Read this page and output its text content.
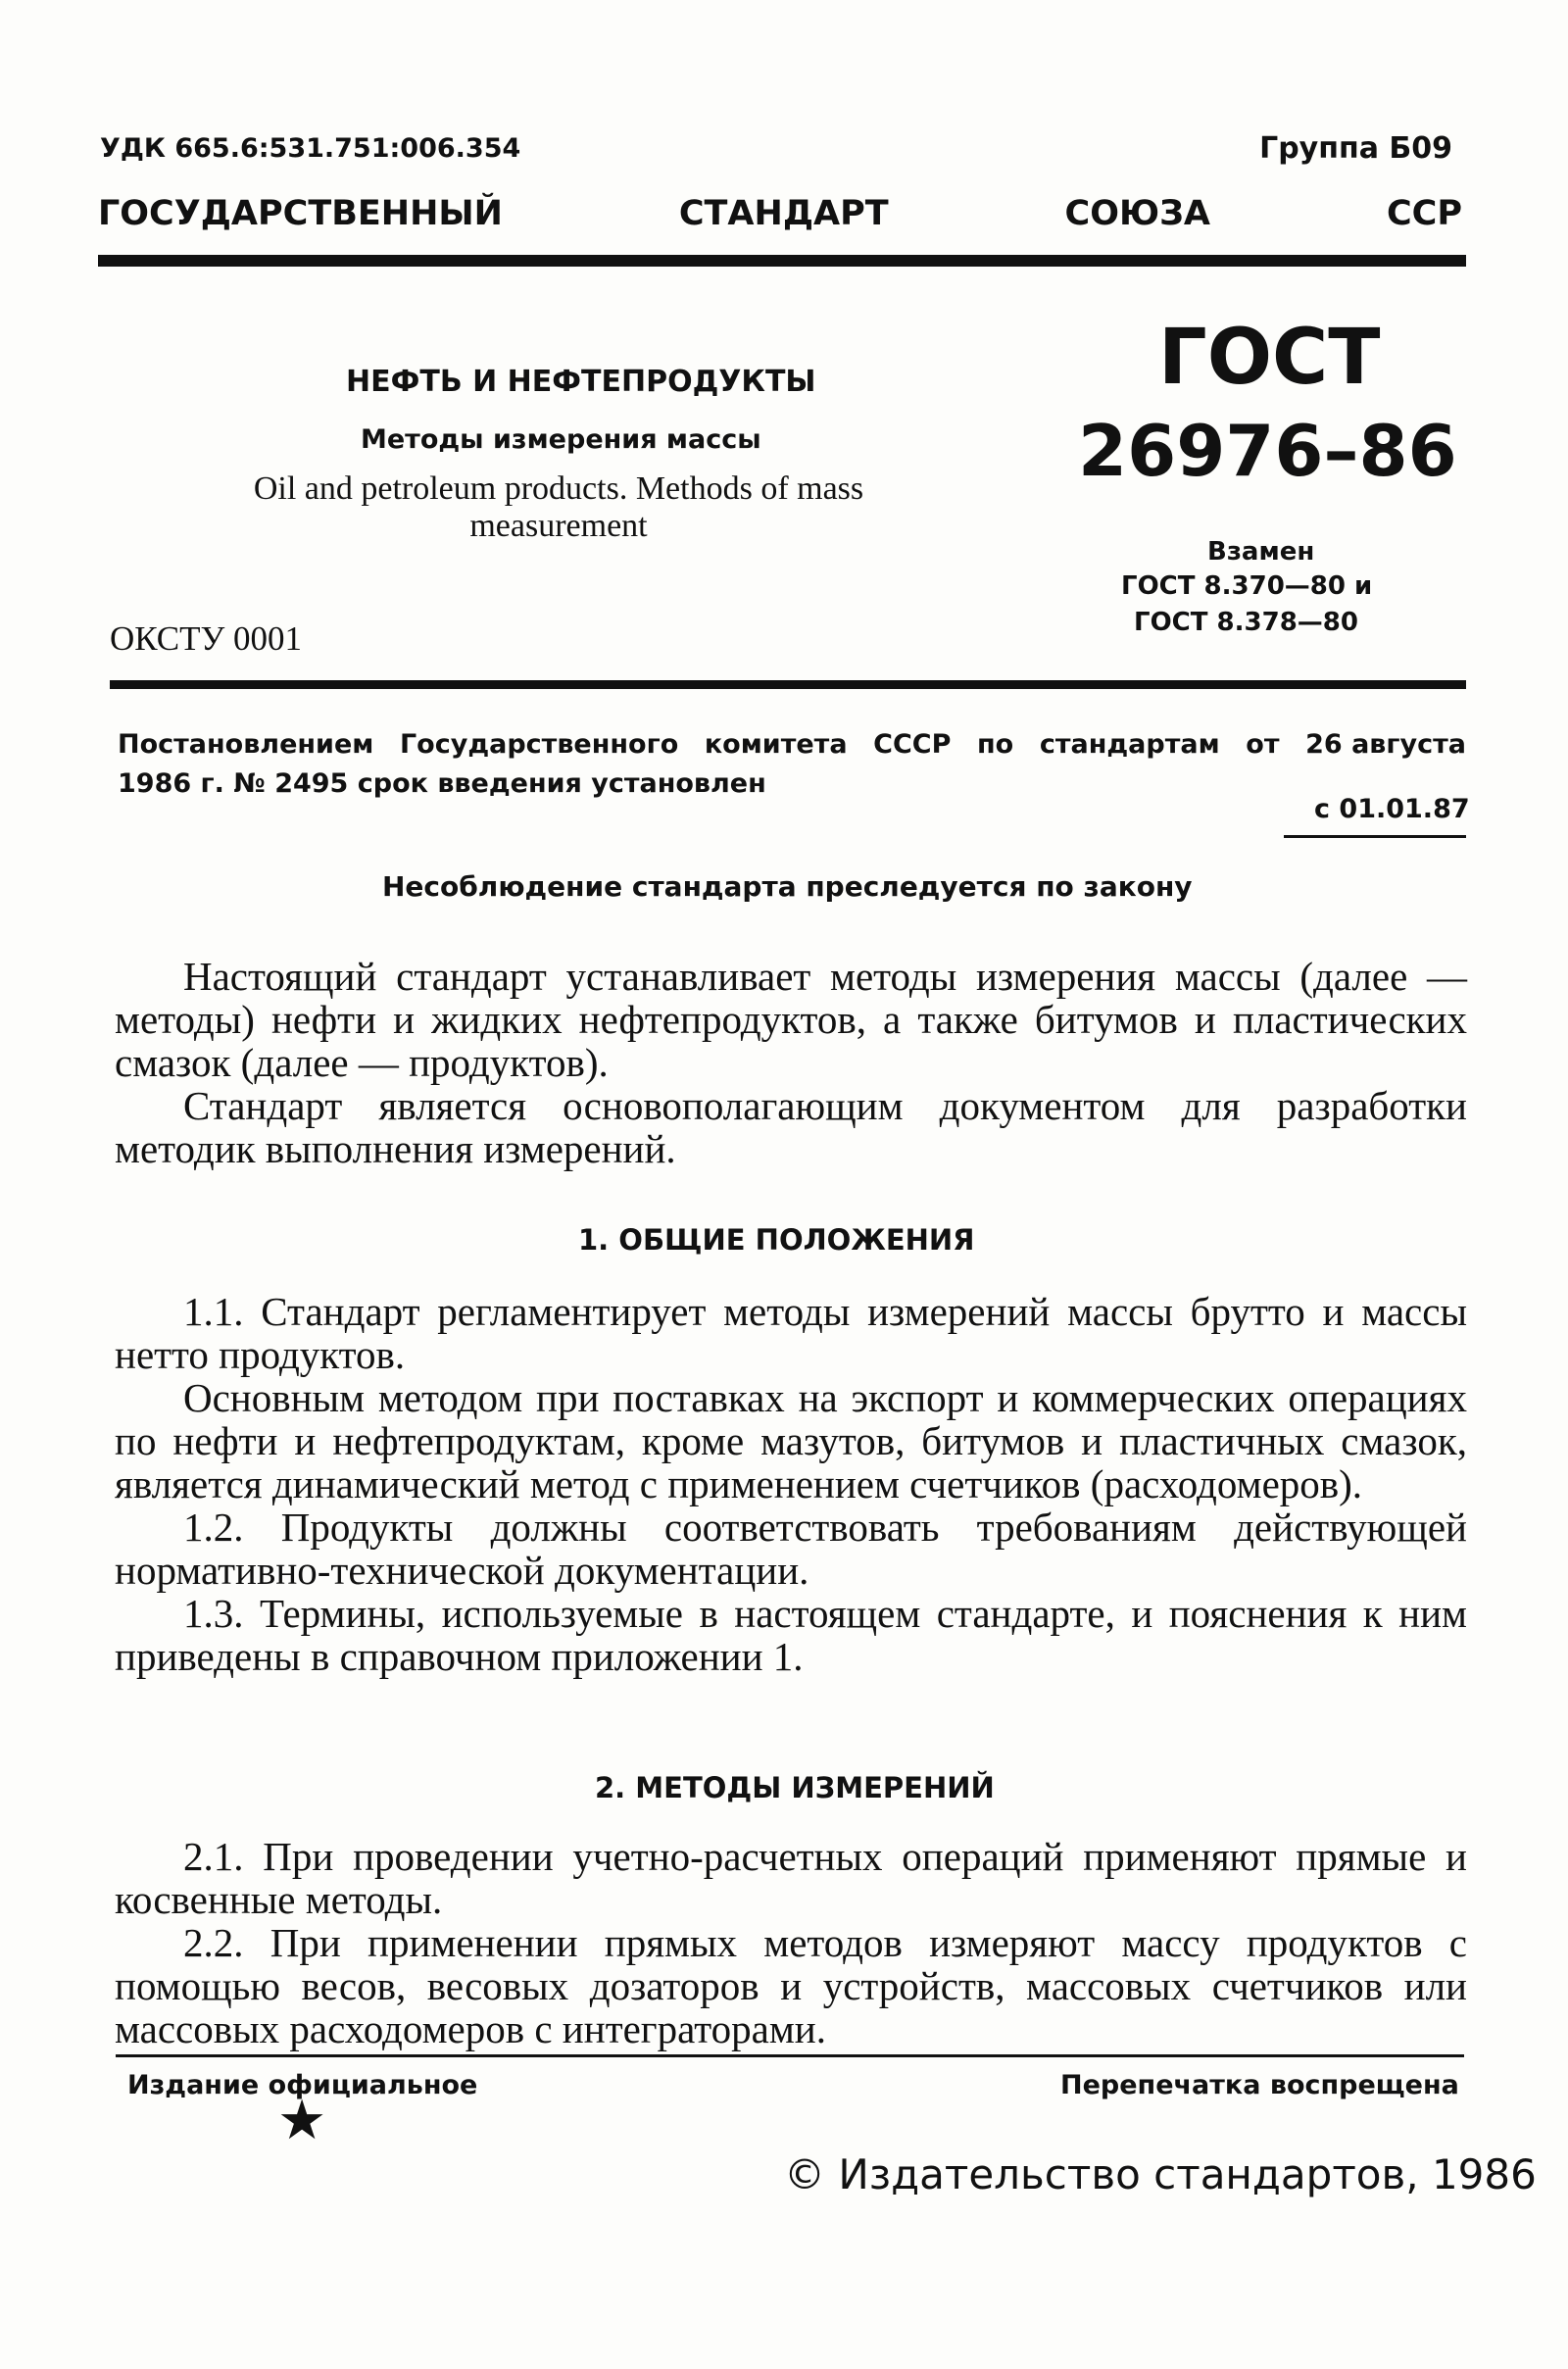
УДК 665.6:531.751:006.354	Группа Б09
ГОСУДАРСТВЕННЫЙ	СТАНДАРТ	СОЮЗА	ССР
НЕФТЬ И НЕФТЕПРОДУКТЫ
Методы измерения массы
Oil and petroleum products. Methods of mass measurement
ОКСТУ 0001
ГОСТ
26976–86
Взамен
ГОСТ 8.370—80 и
ГОСТ 8.378—80
Постановлением Государственного комитета СССР по стандартам от 26 августа
1986 г. № 2495 срок введения установлен
с 01.01.87
Несоблюдение стандарта преследуется по закону

Настоящий стандарт устанавливает методы измерения массы (далее — методы) нефти и жидких нефтепродуктов, а также битумов и пластических смазок (далее — продуктов).

Стандарт является основополагающим документом для разработки методик выполнения измерений.

1. ОБЩИЕ ПОЛОЖЕНИЯ

1.1. Стандарт регламентирует методы измерений массы брутто и массы нетто продуктов.

Основным методом при поставках на экспорт и коммерческих операциях по нефти и нефтепродуктам, кроме мазутов, битумов и пластичных смазок, является динамический метод с применением счетчиков (расходомеров).

1.2. Продукты должны соответствовать требованиям действующей нормативно-технической документации.

1.3. Термины, используемые в настоящем стандарте, и пояснения к ним приведены в справочном приложении 1.

2. МЕТОДЫ ИЗМЕРЕНИЙ

2.1. При проведении учетно-расчетных операций применяют прямые и косвенные методы.

2.2. При применении прямых методов измеряют массу продуктов с помощью весов, весовых дозаторов и устройств, массовых счетчиков или массовых расходомеров с интеграторами.

Издание официальное	Перепечатка воспрещена
★
© Издательство стандартов, 1986
